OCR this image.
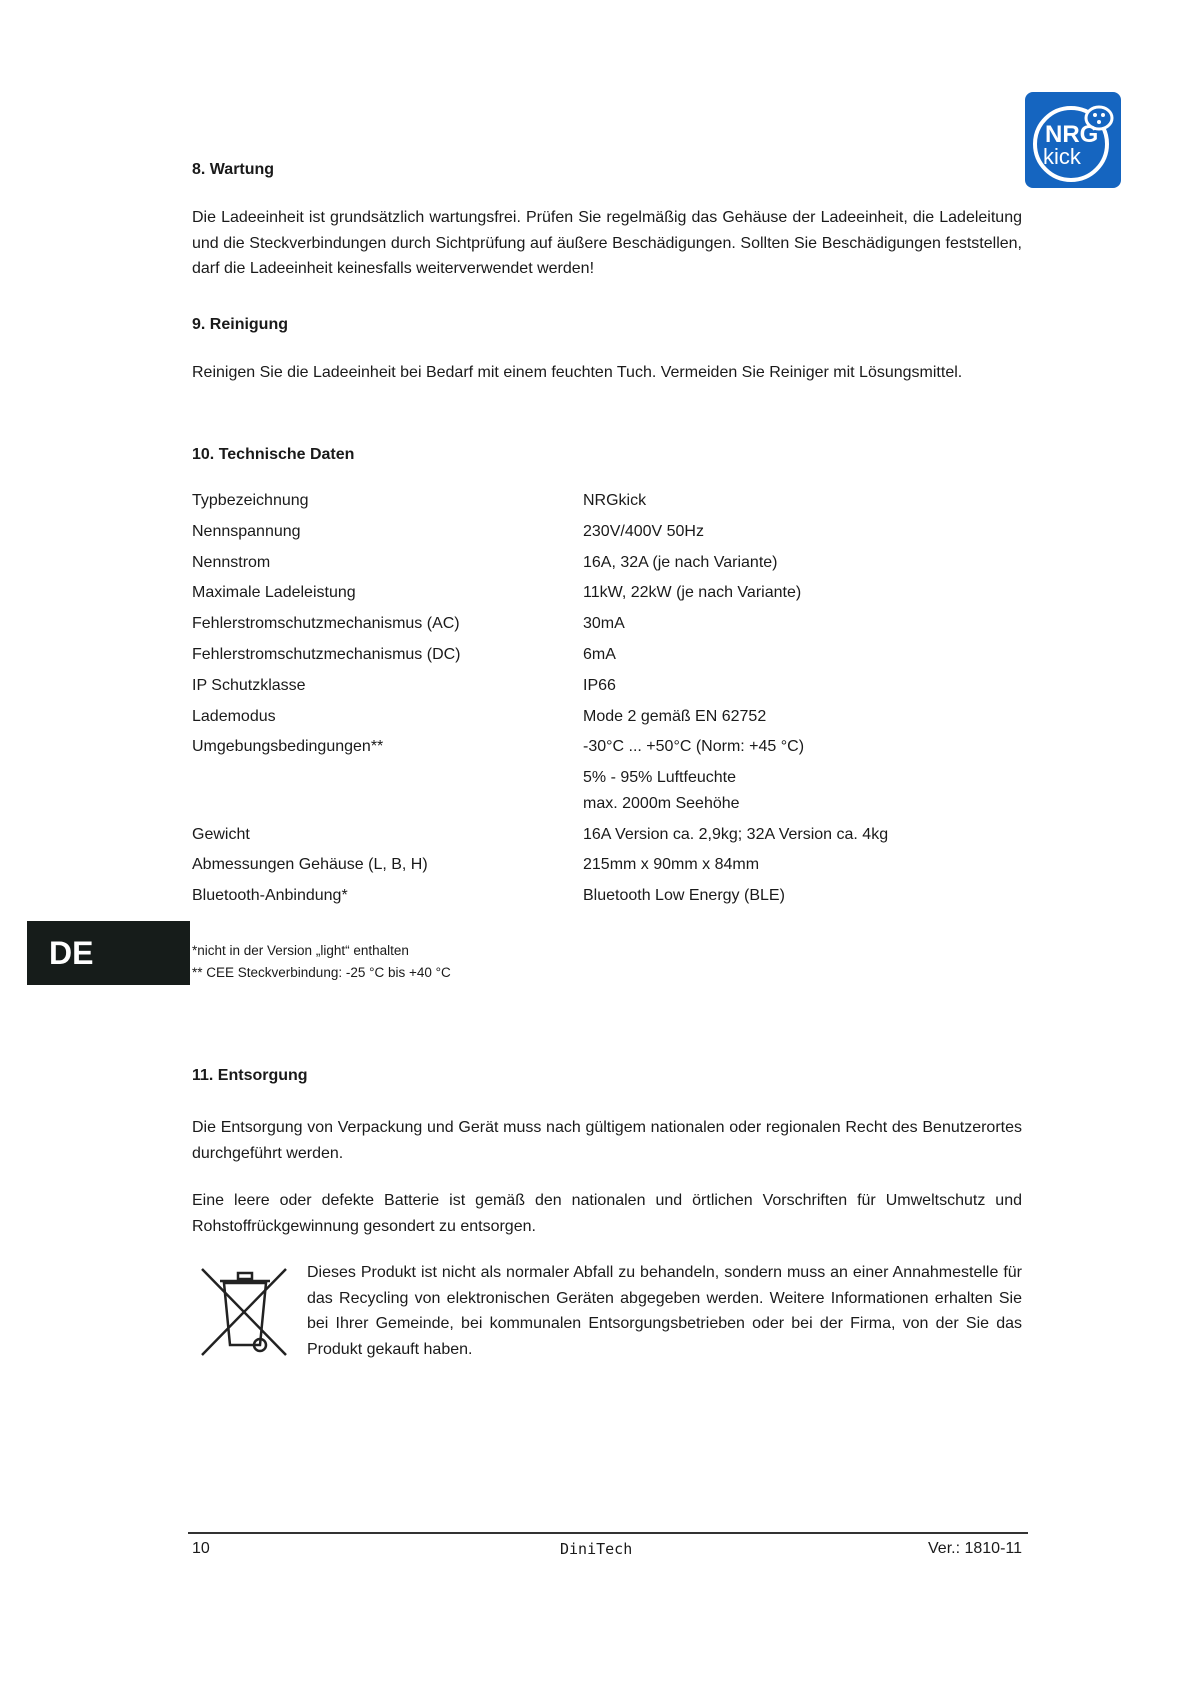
NRG
kick
8. Wartung
Die Ladeeinheit ist grundsätzlich wartungsfrei. Prüfen Sie regelmäßig das Gehäuse der Ladeeinheit, die Ladeleitung und die Steckverbindungen durch Sichtprüfung auf äußere Beschädigungen. Sollten Sie Beschädigungen feststellen, darf die Ladeeinheit keinesfalls weiterverwendet werden!
9. Reinigung
Reinigen Sie die Ladeeinheit bei Bedarf mit einem feuchten Tuch. Vermeiden Sie Reiniger mit Lösungsmittel.
10. Technische Daten
Typbezeichnung	NRGkick
Nennspannung	230V/400V 50Hz
Nennstrom	16A, 32A (je nach Variante)
Maximale Ladeleistung	11kW, 22kW (je nach Variante)
Fehlerstromschutzmechanismus (AC)	30mA
Fehlerstromschutzmechanismus (DC)	6mA
IP Schutzklasse	IP66
Lademodus	Mode 2 gemäß EN 62752
Umgebungsbedingungen**	-30°C ... +50°C (Norm: +45 °C)
5% - 95% Luftfeuchte
max. 2000m Seehöhe
Gewicht	16A Version ca. 2,9kg; 32A Version ca. 4kg
Abmessungen Gehäuse (L, B, H)	215mm x 90mm x 84mm
Bluetooth-Anbindung*	Bluetooth Low Energy (BLE)
DE	*nicht in der Version „light“ enthalten
** CEE Steckverbindung: -25 °C bis +40 °C
11. Entsorgung
Die Entsorgung von Verpackung und Gerät muss nach gültigem nationalen oder regionalen Recht des Benutzerortes durchgeführt werden.
Eine leere oder defekte Batterie ist gemäß den nationalen und örtlichen Vorschriften für Umweltschutz und Rohstoffrückgewinnung gesondert zu entsorgen.
Dieses Produkt ist nicht als normaler Abfall zu behandeln, sondern muss an einer Annahmestelle für das Recycling von elektronischen Geräten abgegeben werden. Weitere Informationen erhalten Sie bei Ihrer Gemeinde, bei kommunalen Entsorgungsbetrieben oder bei der Firma, von der Sie das Produkt gekauft haben.
10	DiniTech	Ver.: 1810-11
